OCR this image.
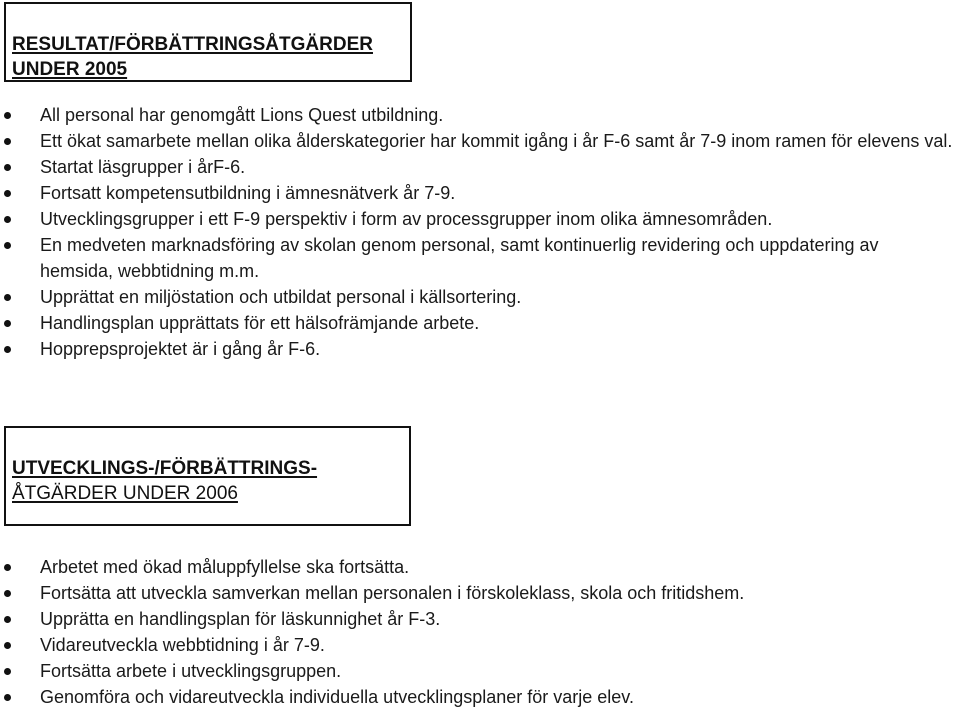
RESULTAT/FÖRBÄTTRINGSÅTGÄRDER
UNDER 2005
All personal har genomgått Lions Quest utbildning.
Ett ökat samarbete mellan olika ålderskategorier har kommit igång i år F-6 samt år 7-9 inom ramen för elevens val.
Startat läsgrupper i årF-6.
Fortsatt kompetensutbildning i ämnesnätverk år 7-9.
Utvecklingsgrupper i ett F-9 perspektiv i form av processgrupper inom olika ämnesområden.
En medveten marknadsföring av skolan genom personal, samt kontinuerlig revidering och uppdatering av hemsida, webbtidning m.m.
Upprättat en miljöstation och utbildat personal i källsortering.
Handlingsplan upprättats för ett hälsofrämjande arbete.
Hopprepsprojektet är i gång år F-6.
UTVECKLINGS-/FÖRBÄTTRINGS-
ÅTGÄRDER UNDER 2006
Arbetet med ökad måluppfyllelse ska fortsätta.
Fortsätta att utveckla samverkan mellan personalen i förskoleklass, skola och fritidshem.
Upprätta en handlingsplan för läskunnighet år F-3.
Vidareutveckla webbtidning i år 7-9.
Fortsätta arbete i utvecklingsgruppen.
Genomföra och vidareutveckla individuella utvecklingsplaner för varje elev.
